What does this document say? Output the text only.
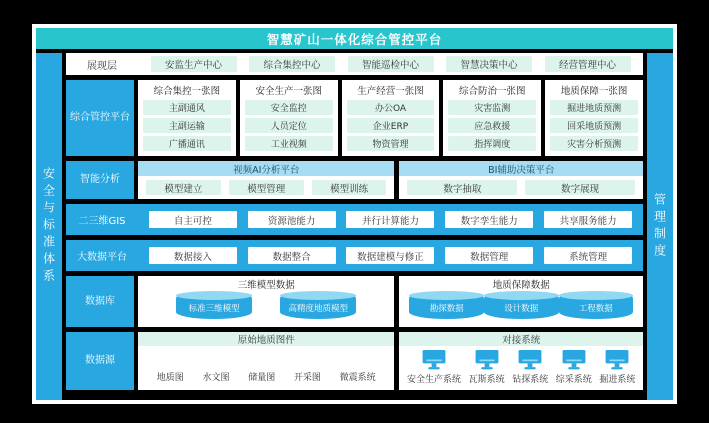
智慧矿山一体化综合管控平台
安全与标准体系
展现层	安监生产中心	综合集控中心	智能巡检中心	智慧决策中心	经营管理中心
综合管控平台
综合集控一张图
主副通风
主副运输
广播通讯
安全生产一张图
安全监控
人员定位
工业视频
生产经营一张图
办公OA
企业ERP
物资管理
综合防治一张图
灾害监测
应急救援
指挥调度
地质保障一张图
掘进地质预测
回采地质预测
灾害分析预测
智能分析
视频AI分析平台
模型建立	模型管理	模型训练
BI辅助决策平台
数字抽取	数字展现
二三维GIS	自主可控	资源池能力	并行计算能力	数字孪生能力	共享服务能力
大数据平台	数据接入	数据整合	数据建模与修正	数据管理	系统管理
数据库
三维模型数据
标准三维模型	高精度地质模型
地质保障数据
勘探数据	设计数据	工程数据
数据源
原始地质图件
地质图 水文图 储量图 开采图 微震系统
对接系统
安全生产系统 瓦斯系统 钻探系统 综采系统 掘进系统
管理制度
